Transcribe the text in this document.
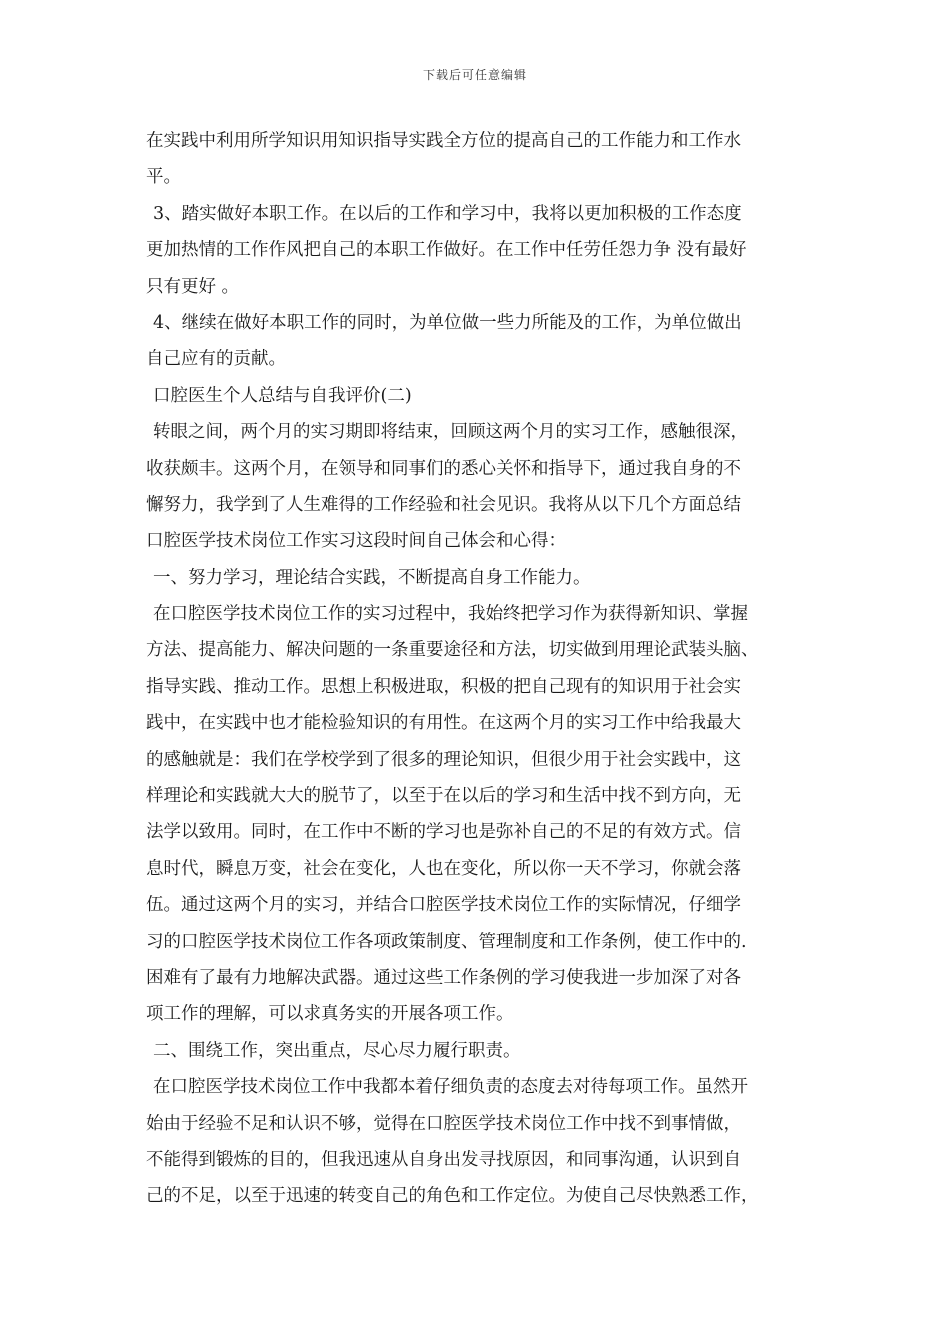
下载后可任意编辑
在实践中利用所学知识用知识指导实践全方位的提高自己的工作能力和工作水
平。
3、踏实做好本职工作。在以后的工作和学习中，我将以更加积极的工作态度
更加热情的工作作风把自己的本职工作做好。在工作中任劳任怨力争 没有最好
只有更好 。
4、继续在做好本职工作的同时，为单位做一些力所能及的工作，为单位做出
自己应有的贡献。
口腔医生个人总结与自我评价(二)
转眼之间，两个月的实习期即将结束，回顾这两个月的实习工作，感触很深，
收获颇丰。这两个月，在领导和同事们的悉心关怀和指导下，通过我自身的不
懈努力，我学到了人生难得的工作经验和社会见识。我将从以下几个方面总结
口腔医学技术岗位工作实习这段时间自己体会和心得：
一、努力学习，理论结合实践，不断提高自身工作能力。
在口腔医学技术岗位工作的实习过程中，我始终把学习作为获得新知识、掌握
方法、提高能力、解决问题的一条重要途径和方法，切实做到用理论武装头脑、
指导实践、推动工作。思想上积极进取，积极的把自己现有的知识用于社会实
践中，在实践中也才能检验知识的有用性。在这两个月的实习工作中给我最大
的感触就是：我们在学校学到了很多的理论知识，但很少用于社会实践中，这
样理论和实践就大大的脱节了，以至于在以后的学习和生活中找不到方向，无
法学以致用。同时，在工作中不断的学习也是弥补自己的不足的有效方式。信
息时代，瞬息万变，社会在变化，人也在变化，所以你一天不学习，你就会落
伍。通过这两个月的实习，并结合口腔医学技术岗位工作的实际情况，仔细学
习的口腔医学技术岗位工作各项政策制度、管理制度和工作条例，使工作中的.
困难有了最有力地解决武器。通过这些工作条例的学习使我进一步加深了对各
项工作的理解，可以求真务实的开展各项工作。
二、围绕工作，突出重点，尽心尽力履行职责。
在口腔医学技术岗位工作中我都本着仔细负责的态度去对待每项工作。虽然开
始由于经验不足和认识不够，觉得在口腔医学技术岗位工作中找不到事情做，
不能得到锻炼的目的，但我迅速从自身出发寻找原因，和同事沟通，认识到自
己的不足，以至于迅速的转变自己的角色和工作定位。为使自己尽快熟悉工作，
